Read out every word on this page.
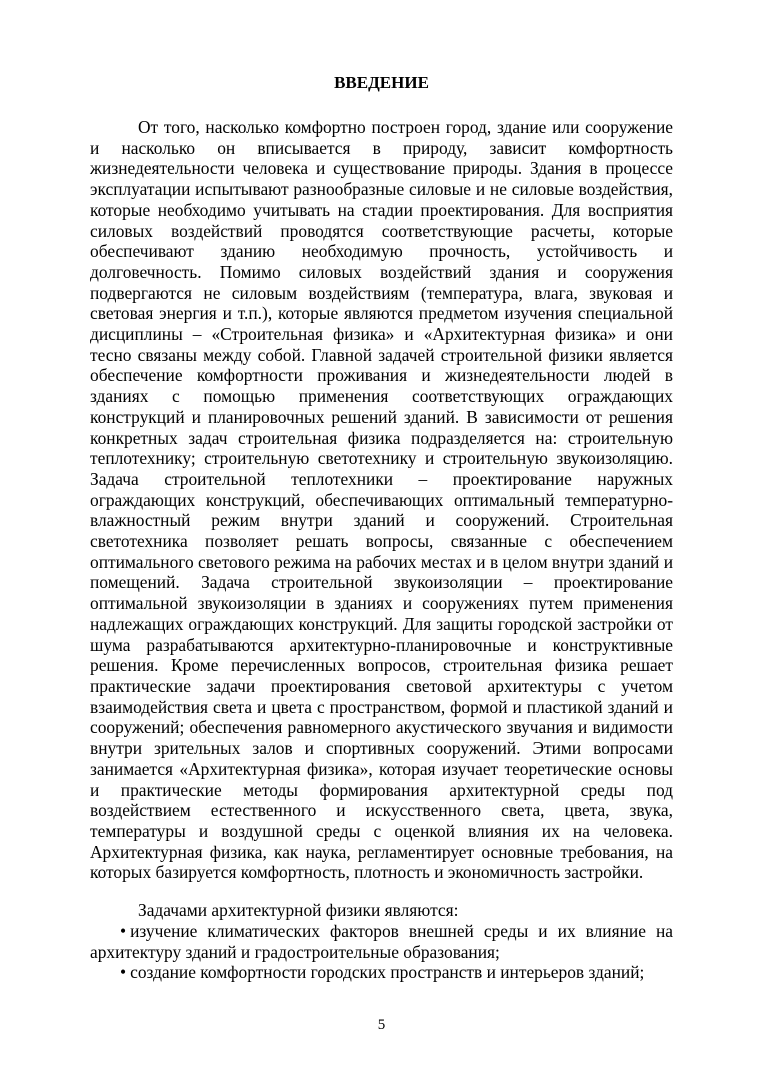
ВВЕДЕНИЕ

От того, насколько комфортно построен город, здание или сооружение и насколько он вписывается в природу, зависит комфортность жизнедеятельности человека и существование природы. Здания в процессе эксплуатации испытывают разнообразные силовые и не силовые воздействия, которые необходимо учитывать на стадии проектирования. Для восприятия силовых воздействий проводятся соответствующие расчеты, которые обеспечивают зданию необходимую прочность, устойчивость и долговечность. Помимо силовых воздействий здания и сооружения подвергаются не силовым воздействиям (температура, влага, звуковая и световая энергия и т.п.), которые являются предметом изучения специальной дисциплины – «Строительная физика» и «Архитектурная физика» и они тесно связаны между собой. Главной задачей строительной физики является обеспечение комфортности проживания и жизнедеятельности людей в зданиях с помощью применения соответствующих ограждающих конструкций и планировочных решений зданий. В зависимости от решения конкретных задач строительная физика подразделяется на: строительную теплотехнику; строительную светотехнику и строительную звукоизоляцию. Задача строительной теплотехники – проектирование наружных ограждающих конструкций, обеспечивающих оптимальный температурно-влажностный режим внутри зданий и сооружений. Строительная светотехника позволяет решать вопросы, связанные с обеспечением оптимального светового режима на рабочих местах и в целом внутри зданий и помещений. Задача строительной звукоизоляции – проектирование оптимальной звукоизоляции в зданиях и сооружениях путем применения надлежащих ограждающих конструкций. Для защиты городской застройки от шума разрабатываются архитектурно-планировочные и конструктивные решения. Кроме перечисленных вопросов, строительная физика решает практические задачи проектирования световой архитектуры с учетом взаимодействия света и цвета с пространством, формой и пластикой зданий и сооружений; обеспечения равномерного акустического звучания и видимости внутри зрительных залов и спортивных сооружений. Этими вопросами занимается «Архитектурная физика», которая изучает теоретические основы и практические методы формирования архитектурной среды под воздействием естественного и искусственного света, цвета, звука, температуры и воздушной среды с оценкой влияния их на человека. Архитектурная физика, как наука, регламентирует основные требования, на которых базируется комфортность, плотность и экономичность застройки.

Задачами архитектурной физики являются:

• изучение климатических факторов внешней среды и их влияние на архитектуру зданий и градостроительные образования;

• создание комфортности городских пространств и интерьеров зданий;

5
